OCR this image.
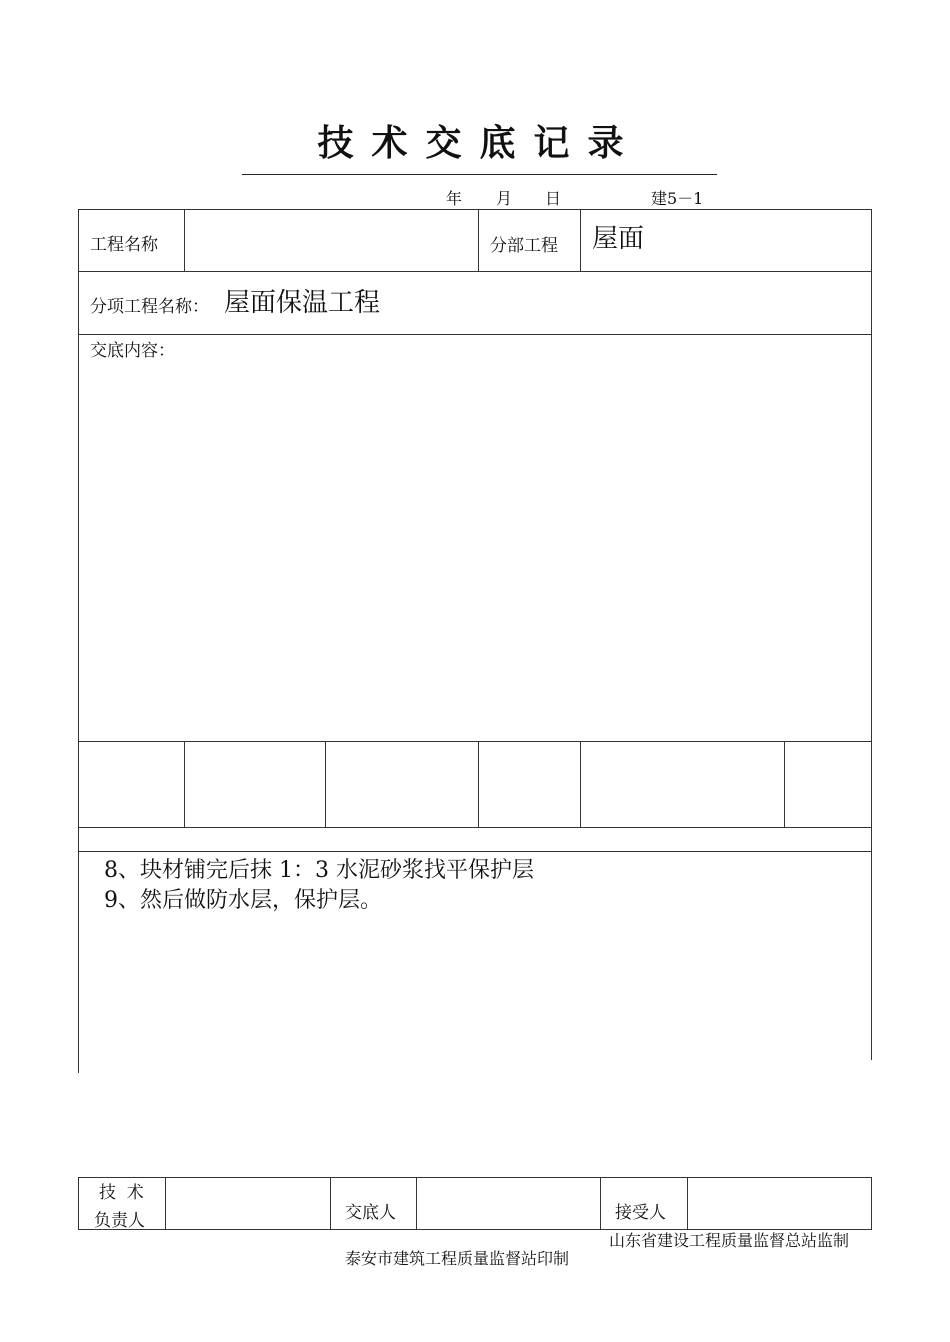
技术交底记录
年 月 日	建5－1
工程名称	分部工程 屋面
分项工程名称： 屋面保温工程
交底内容：
8、块材铺完后抹 1：3 水泥砂浆找平保护层
9、然后做防水层，保护层。
技  术
负责人	交底人	接受人
山东省建设工程质量监督总站监制
泰安市建筑工程质量监督站印制
